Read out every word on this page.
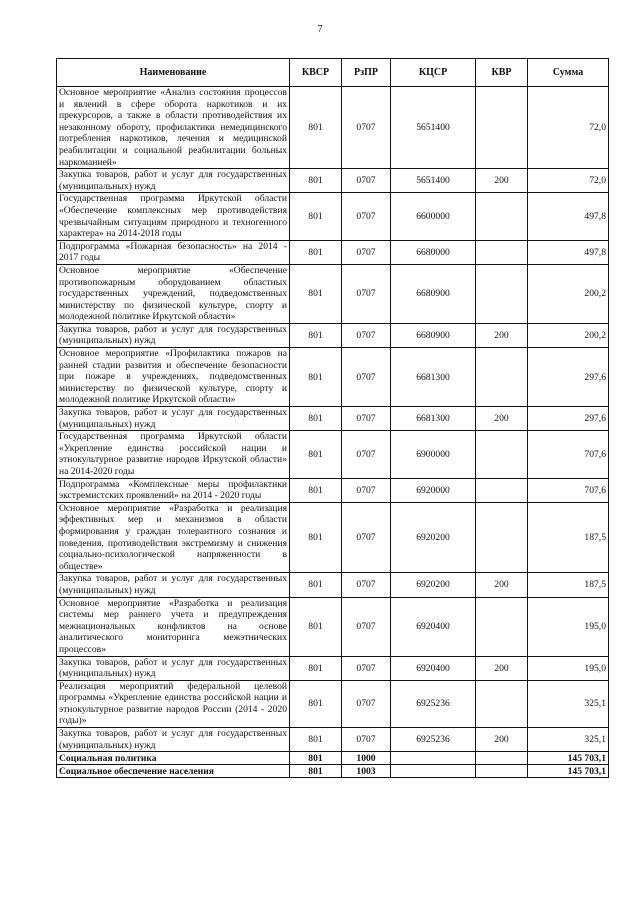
7
Наименование	КВСР	РзПР	КЦСР	КВР	Сумма
Основное мероприятие «Анализ состояния процессов и явлений в сфере оборота наркотиков и их прекурсоров, а также в области противодействия их незаконному обороту, профилактики немедицинского потребления наркотиков, лечения и медицинской реабилитации и социальной реабилитации больных наркоманией»	801	0707	5651400		72,0
Закупка товаров, работ и услуг для государственных (муниципальных) нужд	801	0707	5651400	200	72,0
Государственная программа Иркутской области «Обеспечение комплексных мер противодействия чрезвычайным ситуациям природного и техногенного характера» на 2014-2018 годы	801	0707	6600000		497,8
Подпрограмма «Пожарная безопасность» на 2014 - 2017 годы	801	0707	6680000		497,8
Основное мероприятие «Обеспечение противопожарным оборудованием областных государственных учреждений, подведомственных министерству по физической культуре, спорту и молодежной политике Иркутской области»	801	0707	6680900		200,2
Закупка товаров, работ и услуг для государственных (муниципальных) нужд	801	0707	6680900	200	200,2
Основное мероприятие «Профилактика пожаров на ранней стадии развития и обеспечение безопасности при пожаре в учреждениях, подведомственных министерству по физической культуре, спорту и молодежной политике Иркутской области»	801	0707	6681300		297,6
Закупка товаров, работ и услуг для государственных (муниципальных) нужд	801	0707	6681300	200	297,6
Государственная программа Иркутской области «Укрепление единства российской нации и этнокультурное развитие народов Иркутской области» на 2014-2020 годы	801	0707	6900000		707,6
Подпрограмма «Комплексные меры профилактики экстремистских проявлений» на 2014 - 2020 годы	801	0707	6920000		707,6
Основное мероприятие «Разработка и реализация эффективных мер и механизмов в области формирования у граждан толерантного сознания и поведения, противодействия экстремизму и снижения социально-психологической напряженности в обществе»	801	0707	6920200		187,5
Закупка товаров, работ и услуг для государственных (муниципальных) нужд	801	0707	6920200	200	187,5
Основное мероприятие «Разработка и реализация системы мер раннего учета и предупреждения межнациональных конфликтов на основе аналитического мониторинга межэтнических процессов»	801	0707	6920400		195,0
Закупка товаров, работ и услуг для государственных (муниципальных) нужд	801	0707	6920400	200	195,0
Реализация мероприятий федеральной целевой программы «Укрепление единства российской нации и этнокультурное развитие народов России (2014 - 2020 годы)»	801	0707	6925236		325,1
Закупка товаров, работ и услуг для государственных (муниципальных) нужд	801	0707	6925236	200	325,1
Социальная политика	801	1000			145 703,1
Социальное обеспечение населения	801	1003			145 703,1
